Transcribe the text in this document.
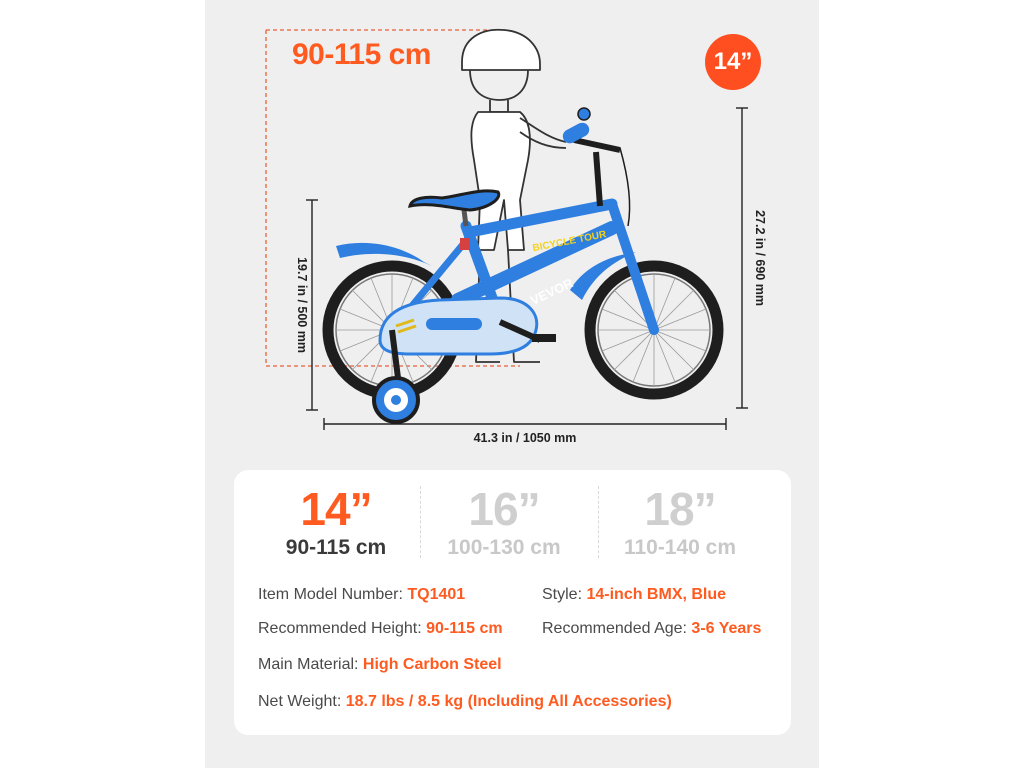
19.7 in / 500 mm	27.2 in / 690 mm
41.3 in / 1050 mm
VEVOR
BICYCLE TOUR
90-115 cm	14”
14”
90-115 cm
16”
100-130 cm
18”
110-140 cm
Item Model Number: TQ1401	Style: 14-inch BMX, Blue
Recommended Height: 90-115 cm Recommended Age: 3-6 Years
Main Material: High Carbon Steel
Net Weight: 18.7 lbs / 8.5 kg (Including All Accessories)
